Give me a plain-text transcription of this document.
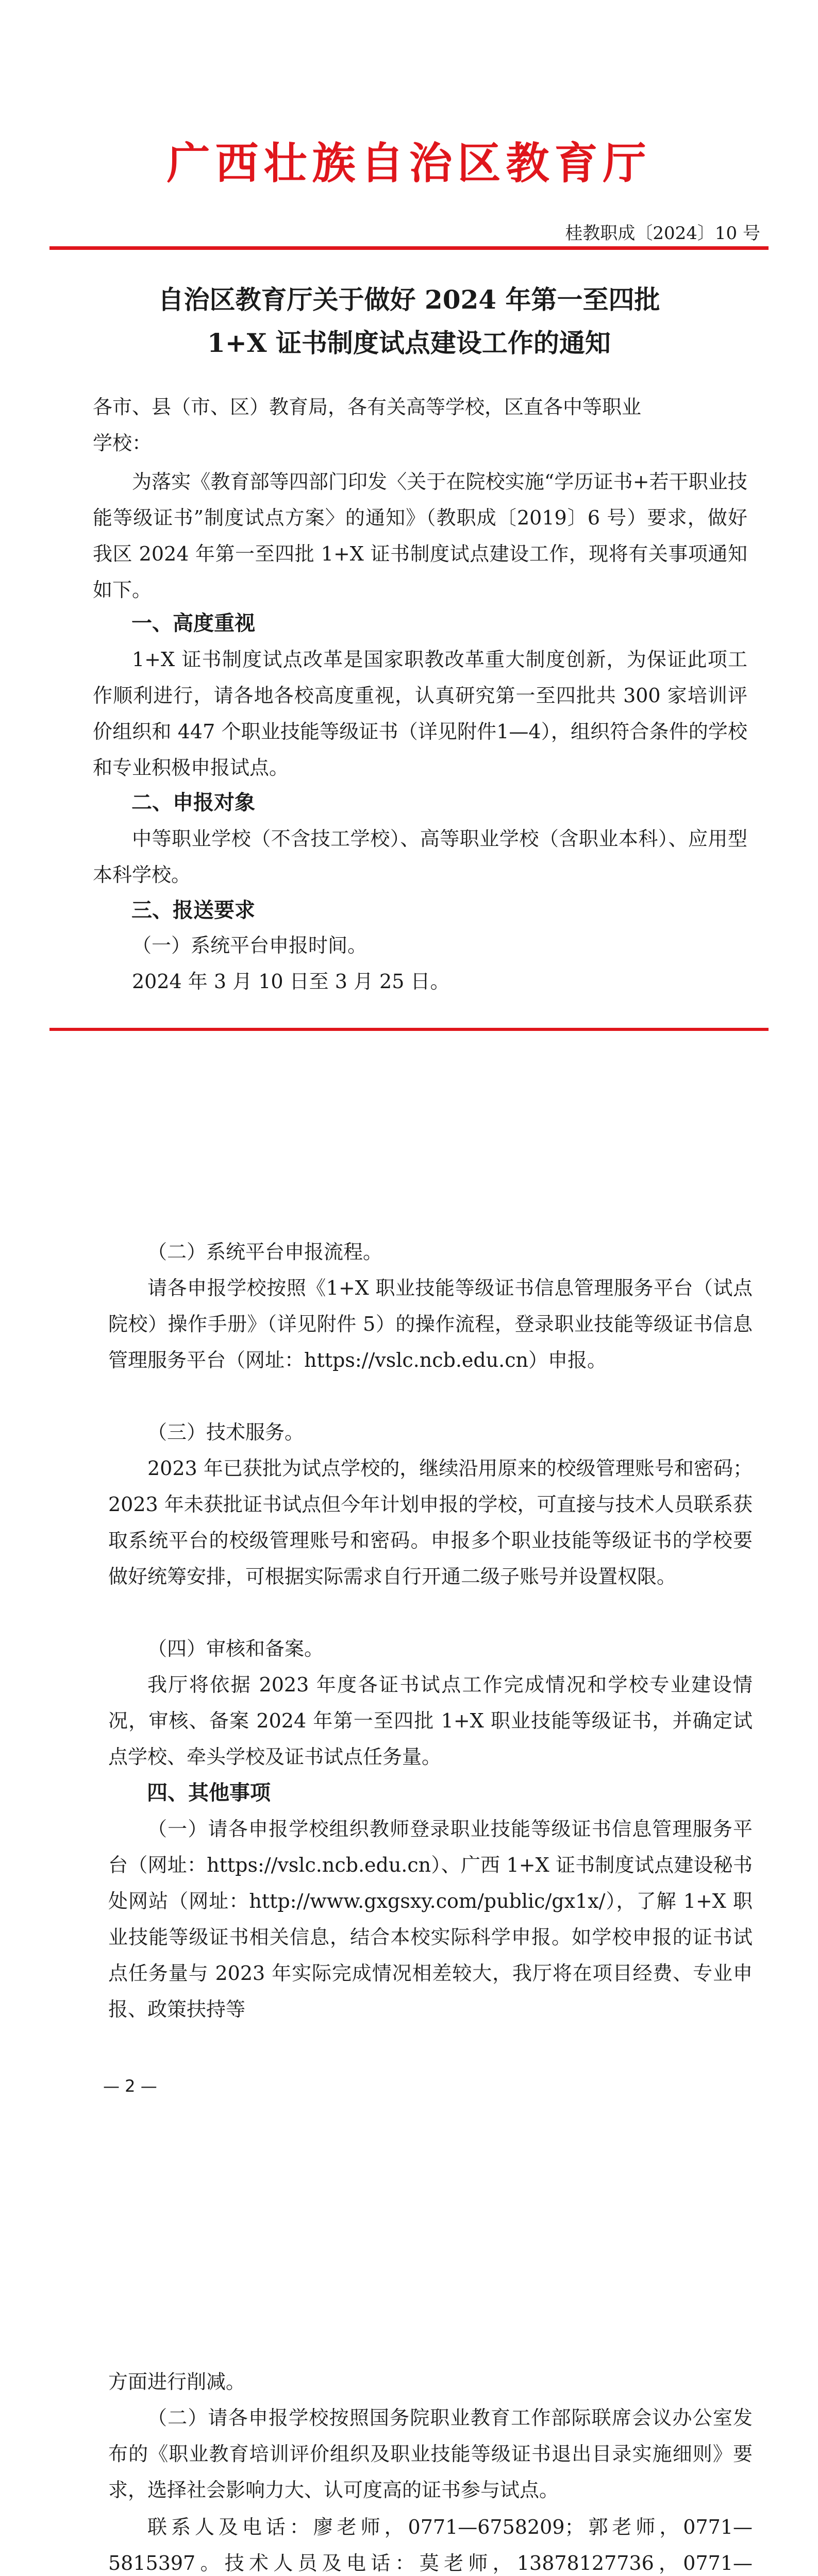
广西壮族自治区教育厅
桂教职成〔2024〕10 号
自治区教育厅关于做好 2024 年第一至四批
1+X 证书制度试点建设工作的通知

各市、县（市、区）教育局，各有关高等学校，区直各中等职业

学校：

为落实《教育部等四部门印发〈关于在院校实施“学历证书+若干职业技能等级证书”制度试点方案〉的通知》（教职成〔2019〕6 号）要求，做好我区 2024 年第一至四批 1+X 证书制度试点建设工作，现将有关事项通知如下。

一、高度重视

1+X 证书制度试点改革是国家职教改革重大制度创新，为保证此项工作顺利进行，请各地各校高度重视，认真研究第一至四批共 300 家培训评价组织和 447 个职业技能等级证书（详见附件1—4），组织符合条件的学校和专业积极申报试点。

二、申报对象

中等职业学校（不含技工学校）、高等职业学校（含职业本科）、应用型本科学校。

三、报送要求

（一）系统平台申报时间。

2024 年 3 月 10 日至 3 月 25 日。

（二）系统平台申报流程。

请各申报学校按照《1+X 职业技能等级证书信息管理服务平台（试点院校）操作手册》（详见附件 5）的操作流程，登录职业技能等级证书信息管理服务平台（网址：https://vslc.ncb.edu.cn）申报。

（三）技术服务。

2023 年已获批为试点学校的，继续沿用原来的校级管理账号和密码；2023 年未获批证书试点但今年计划申报的学校，可直接与技术人员联系获取系统平台的校级管理账号和密码。申报多个职业技能等级证书的学校要做好统筹安排，可根据实际需求自行开通二级子账号并设置权限。

（四）审核和备案。

我厅将依据 2023 年度各证书试点工作完成情况和学校专业建设情况，审核、备案 2024 年第一至四批 1+X 职业技能等级证书，并确定试点学校、牵头学校及证书试点任务量。

四、其他事项

（一）请各申报学校组织教师登录职业技能等级证书信息管理服务平台（网址：https://vslc.ncb.edu.cn）、广西 1+X 证书制度试点建设秘书处网站（网址：http://www.gxgsxy.com/public/gx1x/），了解 1+X 职业技能等级证书相关信息，结合本校实际科学申报。如学校申报的证书试点任务量与 2023 年实际完成情况相差较大，我厅将在项目经费、专业申报、政策扶持等

— 2 —

方面进行削减。

（二）请各申报学校按照国务院职业教育工作部际联席会议办公室发布的《职业教育培训评价组织及职业技能等级证书退出目录实施细则》要求，选择社会影响力大、认可度高的证书参与试点。

联系人及电话：廖老师，0771—6758209；郭老师，0771—5815397。技术人员及电话：莫老师，13878127736，0771—
